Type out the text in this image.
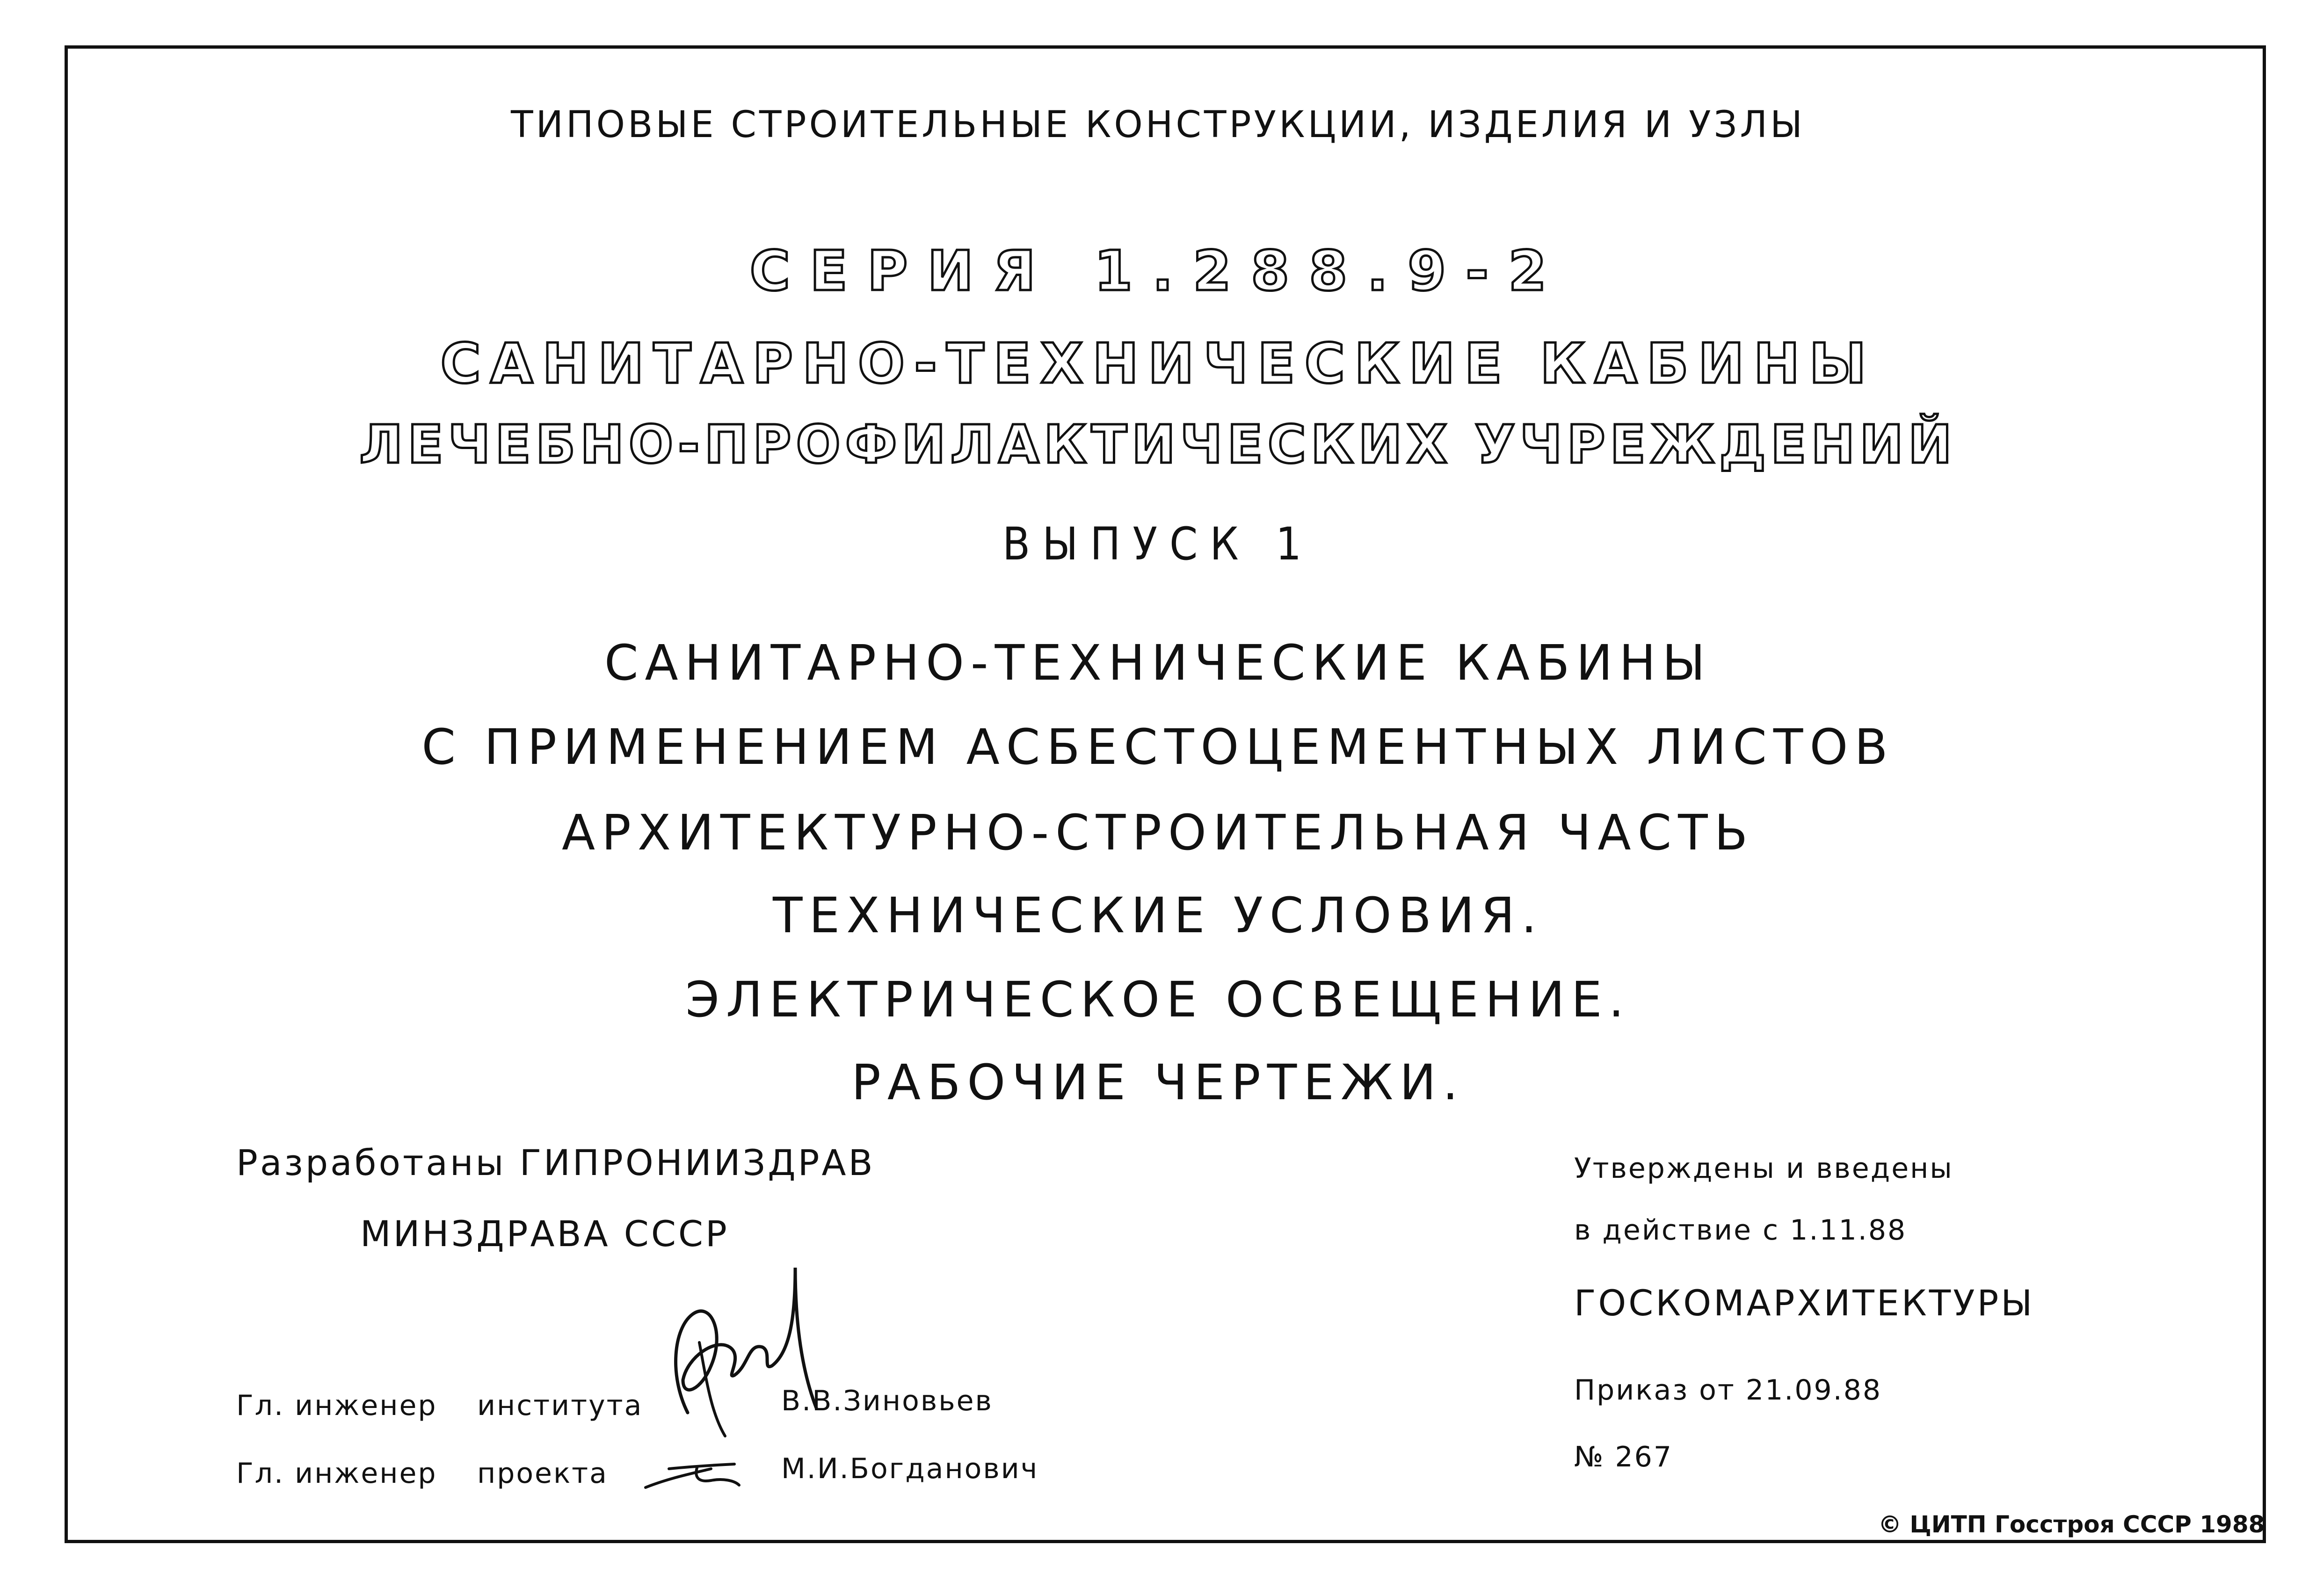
ТИПОВЫЕ СТРОИТЕЛЬНЫЕ КОНСТРУКЦИИ, ИЗДЕЛИЯ И УЗЛЫ
СЕРИЯ 1.288.9-2
САНИТАРНО-ТЕХНИЧЕСКИЕ КАБИНЫ
ЛЕЧЕБНО-ПРОФИЛАКТИЧЕСКИХ УЧРЕЖДЕНИЙ
ВЫПУСК 1
САНИТАРНО-ТЕХНИЧЕСКИЕ КАБИНЫ
С ПРИМЕНЕНИЕМ АСБЕСТОЦЕМЕНТНЫХ ЛИСТОВ
АРХИТЕКТУРНО-СТРОИТЕЛЬНАЯ ЧАСТЬ
ТЕХНИЧЕСКИЕ УСЛОВИЯ.
ЭЛЕКТРИЧЕСКОЕ ОСВЕЩЕНИЕ.
РАБОЧИЕ ЧЕРТЕЖИ.
Разработаны ГИПРОНИИЗДРАВ
МИНЗДРАВА СССР
Гл. инженер института	В.В.Зиновьев
Гл. инженер проекта	М.И.Богданович
Утверждены и введены
в действие с 1.11.88
ГОСКОМАРХИТЕКТУРЫ
Приказ от 21.09.88
№ 267
© ЦИТП Госстроя СССР 1988
